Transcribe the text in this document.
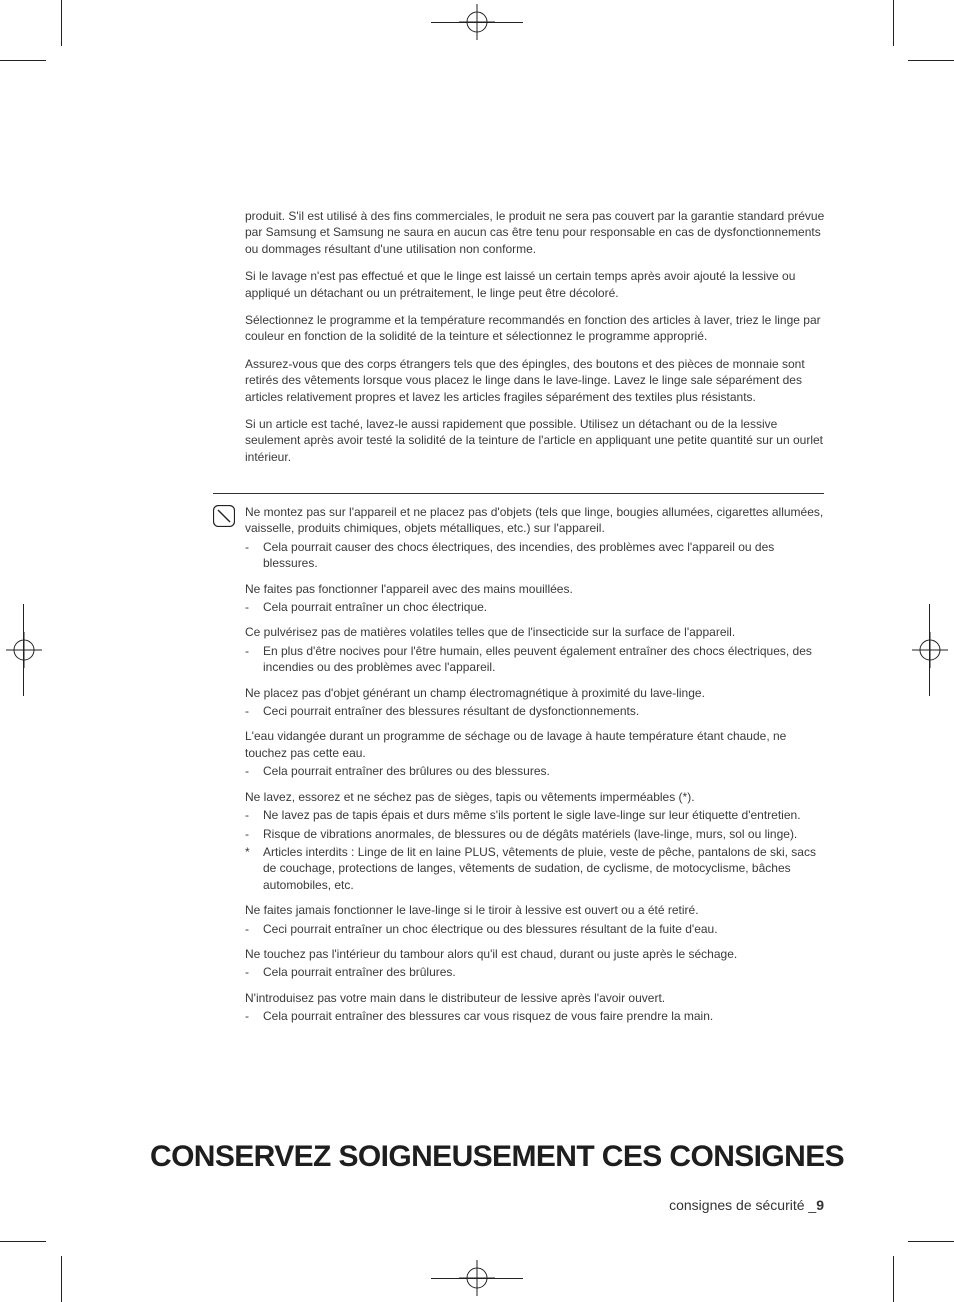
produit. S'il est utilisé à des fins commerciales, le produit ne sera pas couvert par la garantie standard prévue par Samsung et Samsung ne saura en aucun cas être tenu pour responsable en cas de dysfonctionnements ou dommages résultant d'une utilisation non conforme.

Si le lavage n'est pas effectué et que le linge est laissé un certain temps après avoir ajouté la lessive ou appliqué un détachant ou un prétraitement, le linge peut être décoloré.

Sélectionnez le programme et la température recommandés en fonction des articles à laver, triez le linge par couleur en fonction de la solidité de la teinture et sélectionnez le programme approprié.

Assurez-vous que des corps étrangers tels que des épingles, des boutons et des pièces de monnaie sont retirés des vêtements lorsque vous placez le linge dans le lave-linge. Lavez le linge sale séparément des articles relativement propres et lavez les articles fragiles séparément des textiles plus résistants.

Si un article est taché, lavez-le aussi rapidement que possible. Utilisez un détachant ou de la lessive seulement après avoir testé la solidité de la teinture de l'article en appliquant une petite quantité sur un ourlet intérieur.

Ne montez pas sur l'appareil et ne placez pas d'objets (tels que linge, bougies allumées, cigarettes allumées, vaisselle, produits chimiques, objets métalliques, etc.) sur l'appareil.

-	Cela pourrait causer des chocs électriques, des incendies, des problèmes avec l'appareil ou des blessures.

Ne faites pas fonctionner l'appareil avec des mains mouillées.

-	Cela pourrait entraîner un choc électrique.

Ce pulvérisez pas de matières volatiles telles que de l'insecticide sur la surface de l'appareil.

-	En plus d'être nocives pour l'être humain, elles peuvent également entraîner des chocs électriques, des incendies ou des problèmes avec l'appareil.

Ne placez pas d'objet générant un champ électromagnétique à proximité du lave-linge.

-	Ceci pourrait entraîner des blessures résultant de dysfonctionnements.

L'eau vidangée durant un programme de séchage ou de lavage à haute température étant chaude, ne touchez pas cette eau.

-	Cela pourrait entraîner des brûlures ou des blessures.

Ne lavez, essorez et ne séchez pas de sièges, tapis ou vêtements imperméables (*).

-	Ne lavez pas de tapis épais et durs même s'ils portent le sigle lave-linge sur leur étiquette d'entretien.
-	Risque de vibrations anormales, de blessures ou de dégâts matériels (lave-linge, murs, sol ou linge).
*	Articles interdits : Linge de lit en laine PLUS, vêtements de pluie, veste de pêche, pantalons de ski, sacs de couchage, protections de langes, vêtements de sudation, de cyclisme, de motocyclisme, bâches automobiles, etc.

Ne faites jamais fonctionner le lave-linge si le tiroir à lessive est ouvert ou a été retiré.

-	Ceci pourrait entraîner un choc électrique ou des blessures résultant de la fuite d'eau.

Ne touchez pas l'intérieur du tambour alors qu'il est chaud, durant ou juste après le séchage.

-	Cela pourrait entraîner des brûlures.

N'introduisez pas votre main dans le distributeur de lessive après l'avoir ouvert.

-	Cela pourrait entraîner des blessures car vous risquez de vous faire prendre la main.
CONSERVEZ SOIGNEUSEMENT CES CONSIGNES
consignes de sécurité _9
